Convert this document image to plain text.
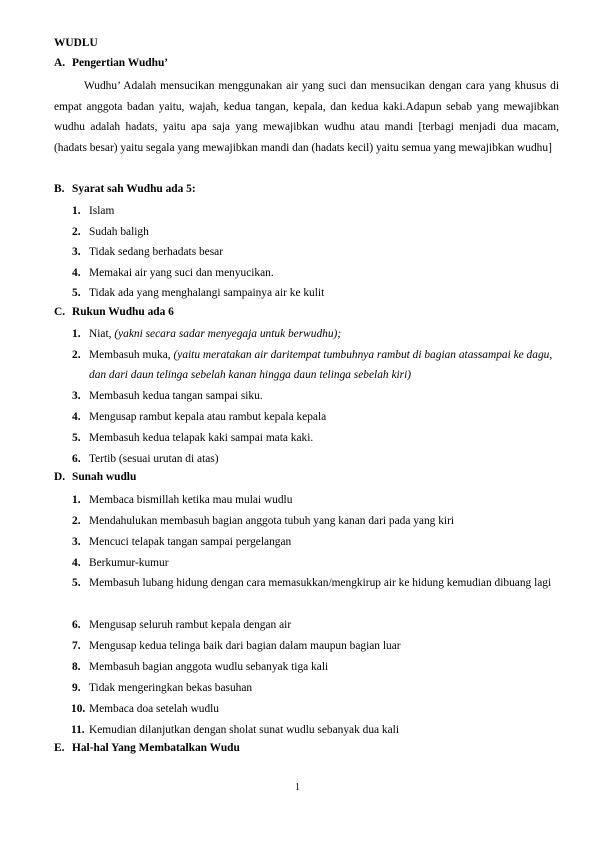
WUDLU
A. Pengertian Wudhu’
Wudhu’ Adalah mensucikan menggunakan air yang suci dan mensucikan dengan cara yang khusus di empat anggota badan yaitu, wajah, kedua tangan, kepala, dan kedua kaki.Adapun sebab yang mewajibkan wudhu adalah hadats, yaitu apa saja yang mewajibkan wudhu atau mandi [terbagi menjadi dua macam, (hadats besar) yaitu segala yang mewajibkan mandi dan (hadats kecil) yaitu semua yang mewajibkan wudhu]
B. Syarat sah Wudhu ada 5:
1. Islam
2. Sudah baligh
3. Tidak sedang berhadats besar
4. Memakai air yang suci dan menyucikan.
5. Tidak ada yang menghalangi sampainya air ke kulit
C. Rukun Wudhu ada 6
1. Niat, (yakni secara sadar menyegaja untuk berwudhu);
2. Membasuh muka, (yaitu meratakan air daritempat tumbuhnya rambut di bagian atassampai ke dagu, dan dari daun telinga sebelah kanan hingga daun telinga sebelah kiri)
3. Membasuh kedua tangan sampai siku.
4. Mengusap rambut kepala atau rambut kepala kepala
5. Membasuh kedua telapak kaki sampai mata kaki.
6. Tertib (sesuai urutan di atas)
D. Sunah wudlu
1. Membaca bismillah ketika mau mulai wudlu
2. Mendahulukan membasuh bagian anggota tubuh yang kanan dari pada yang kiri
3. Mencuci telapak tangan sampai pergelangan
4. Berkumur-kumur
5. Membasuh lubang hidung dengan cara memasukkan/mengkirup air ke hidung kemudian dibuang lagi
6. Mengusap seluruh rambut kepala dengan air
7. Mengusap kedua telinga baik dari bagian dalam maupun bagian luar
8. Membasuh bagian anggota wudlu sebanyak tiga kali
9. Tidak mengeringkan bekas basuhan
10. Membaca doa setelah wudlu
11. Kemudian dilanjutkan dengan sholat sunat wudlu sebanyak dua kali
E. Hal-hal Yang Membatalkan Wudu
1
